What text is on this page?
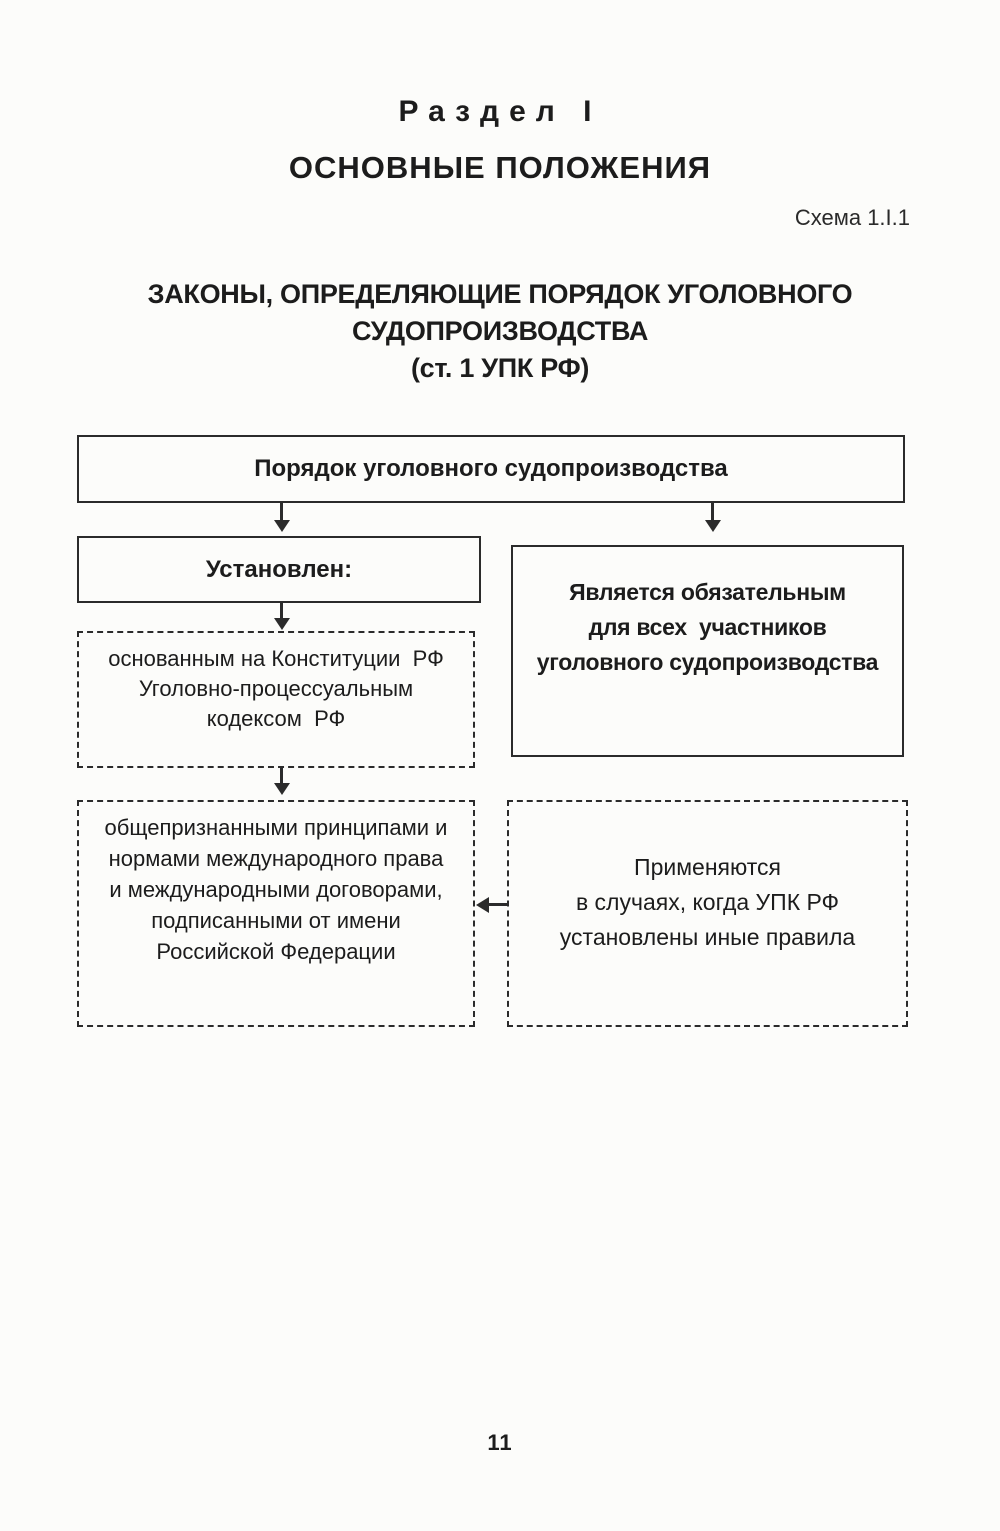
Раздел I
ОСНОВНЫЕ ПОЛОЖЕНИЯ
Схема 1.I.1
ЗАКОНЫ, ОПРЕДЕЛЯЮЩИЕ ПОРЯДОК УГОЛОВНОГО
СУДОПРОИЗВОДСТВА
(ст. 1 УПК РФ)
Порядок уголовного судопроизводства
Установлен:
Является обязательным
для всех  участников
уголовного судопроизводства
основанным на Конституции  РФ
Уголовно-процессуальным
кодексом  РФ
общепризнанными принципами и
нормами международного права
и международными договорами,
подписанными от имени
Российской Федерации
Применяются
в случаях, когда УПК РФ
установлены иные правила
11
